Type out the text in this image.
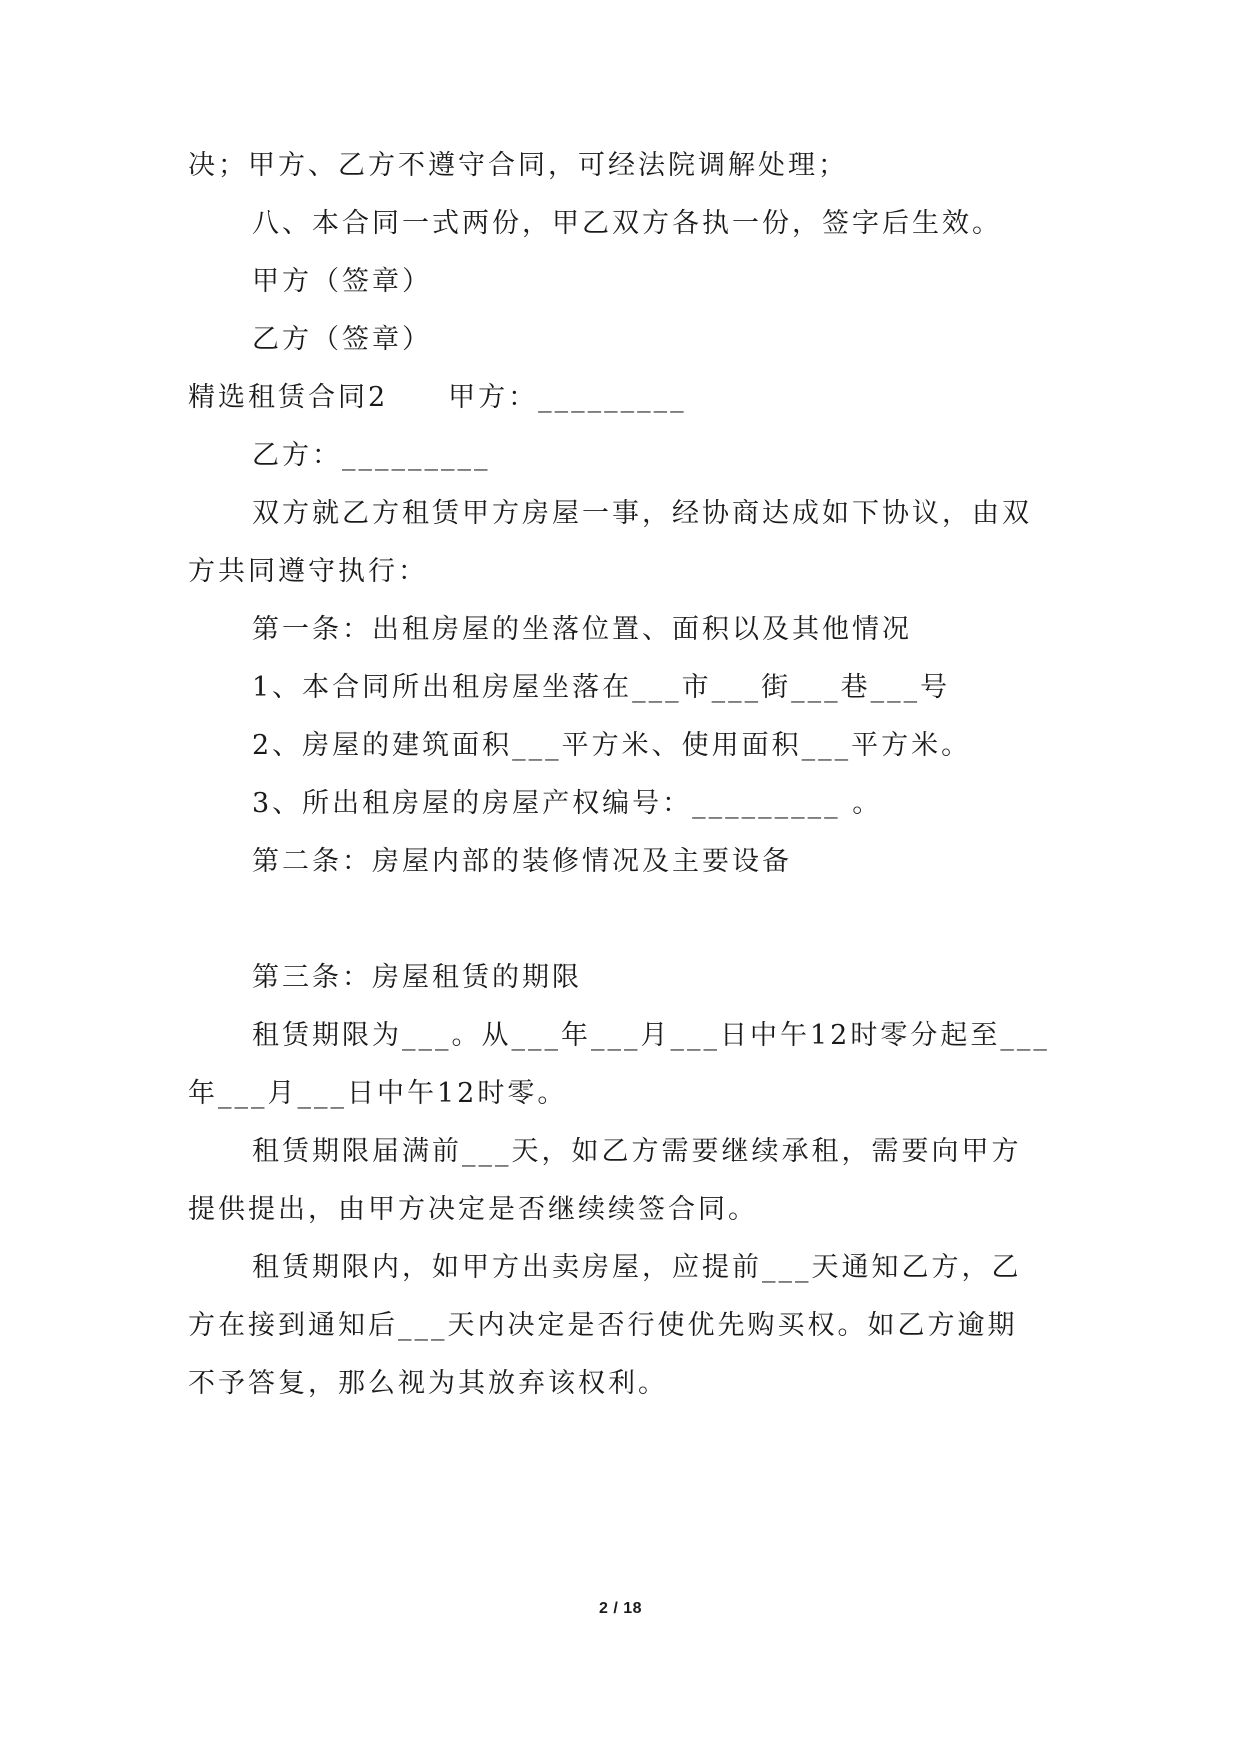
决；甲方、乙方不遵守合同，可经法院调解处理；
八、本合同一式两份，甲乙双方各执一份，签字后生效。
甲方（签章）
乙方（签章）
精选租赁合同2　　甲方：_________
乙方：_________
双方就乙方租赁甲方房屋一事，经协商达成如下协议，由双
方共同遵守执行：
第一条：出租房屋的坐落位置、面积以及其他情况
1、本合同所出租房屋坐落在___市___街___巷___号
2、房屋的建筑面积___平方米、使用面积___平方米。
3、所出租房屋的房屋产权编号：_________ 。
第二条：房屋内部的装修情况及主要设备
第三条：房屋租赁的期限
租赁期限为___。从___年___月___日中午12时零分起至___
年___月___日中午12时零。
租赁期限届满前___天，如乙方需要继续承租，需要向甲方
提供提出，由甲方决定是否继续续签合同。
租赁期限内，如甲方出卖房屋，应提前___天通知乙方，乙
方在接到通知后___天内决定是否行使优先购买权。如乙方逾期
不予答复，那么视为其放弃该权利。
2 / 18
